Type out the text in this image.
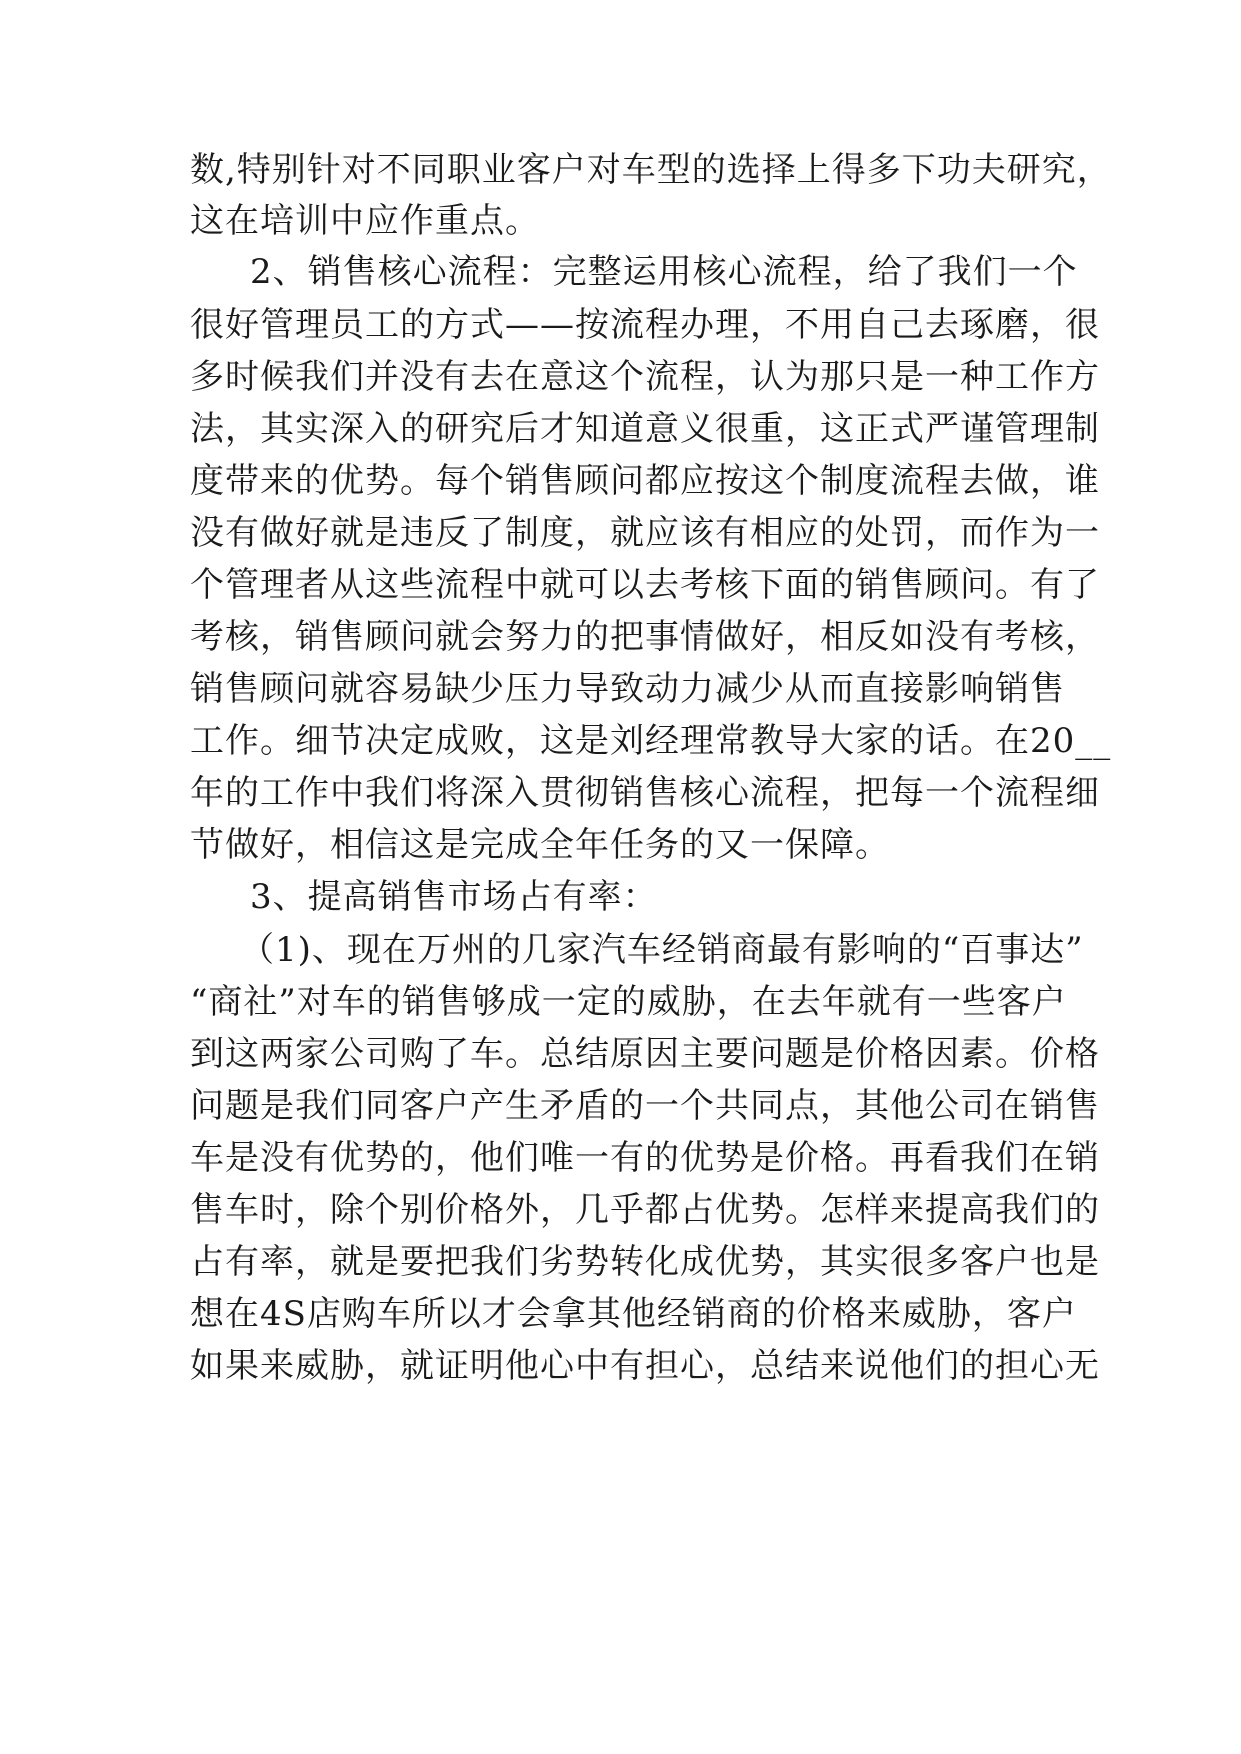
数,特别针对不同职业客户对车型的选择上得多下功夫研究，
这在培训中应作重点。
2、销售核心流程：完整运用核心流程，给了我们一个
很好管理员工的方式——按流程办理，不用自己去琢磨，很
多时候我们并没有去在意这个流程，认为那只是一种工作方
法，其实深入的研究后才知道意义很重，这正式严谨管理制
度带来的优势。每个销售顾问都应按这个制度流程去做，谁
没有做好就是违反了制度，就应该有相应的处罚，而作为一
个管理者从这些流程中就可以去考核下面的销售顾问。有了
考核，销售顾问就会努力的把事情做好，相反如没有考核，
销售顾问就容易缺少压力导致动力减少从而直接影响销售
工作。细节决定成败，这是刘经理常教导大家的话。在20__
年的工作中我们将深入贯彻销售核心流程，把每一个流程细
节做好，相信这是完成全年任务的又一保障。
3、提高销售市场占有率：
（1)、现在万州的几家汽车经销商最有影响的“百事达”
“商社”对车的销售够成一定的威胁，在去年就有一些客户
到这两家公司购了车。总结原因主要问题是价格因素。价格
问题是我们同客户产生矛盾的一个共同点，其他公司在销售
车是没有优势的，他们唯一有的优势是价格。再看我们在销
售车时，除个别价格外，几乎都占优势。怎样来提高我们的
占有率，就是要把我们劣势转化成优势，其实很多客户也是
想在4S店购车所以才会拿其他经销商的价格来威胁，客户
如果来威胁，就证明他心中有担心，总结来说他们的担心无
